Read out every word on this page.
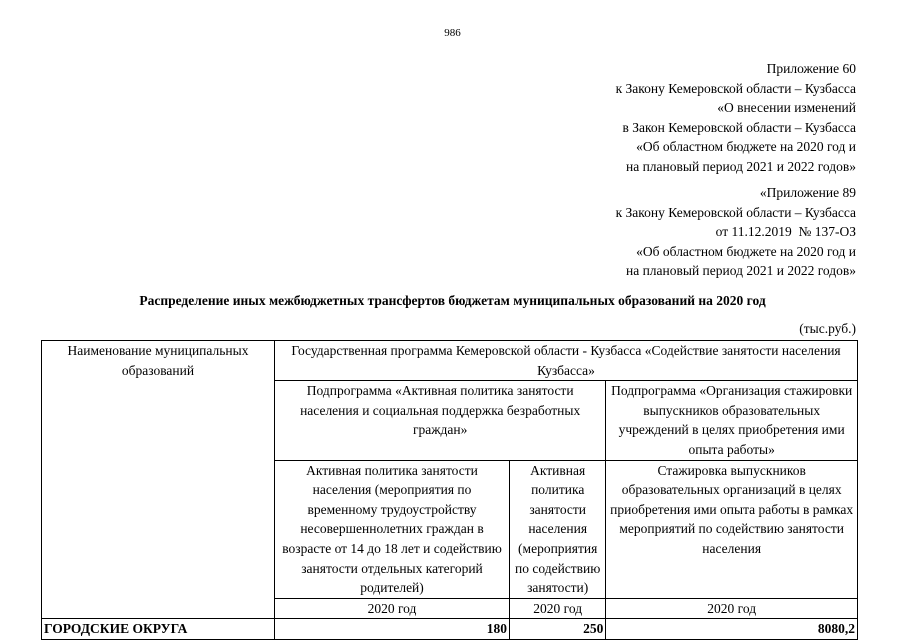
986
Приложение 60
к Закону Кемеровской области – Кузбасса
«О внесении изменений
в Закон Кемеровской области – Кузбасса
«Об областном бюджете на 2020 год и
на плановый период 2021 и 2022 годов»
«Приложение 89
к Закону Кемеровской области – Кузбасса
от 11.12.2019  № 137-ОЗ
«Об областном бюджете на 2020 год и
на плановый период 2021 и 2022 годов»
Распределение иных межбюджетных трансфертов бюджетам муниципальных образований на 2020 год
(тыс.руб.)
Наименование муниципальных образований	Государственная программа Кемеровской области - Кузбасса «Содействие занятости населения Кузбасса»		
	Подпрограмма «Активная политика занятости населения и социальная поддержка безработных граждан»		Подпрограмма «Организация стажировки выпускников образовательных учреждений в целях приобретения ими опыта работы»
	Активная политика занятости населения (мероприятия по временному трудоустройству несовершеннолетних граждан в возрасте от 14 до 18 лет и содействию занятости отдельных категорий родителей)	Активная политика занятости населения (мероприятия по содействию занятости)	Стажировка выпускников образовательных организаций в целях приобретения ими опыта работы в рамках мероприятий по содействию занятости населения
	2020 год	2020 год	2020 год
ГОРОДСКИЕ ОКРУГА	180	250	8080,2
